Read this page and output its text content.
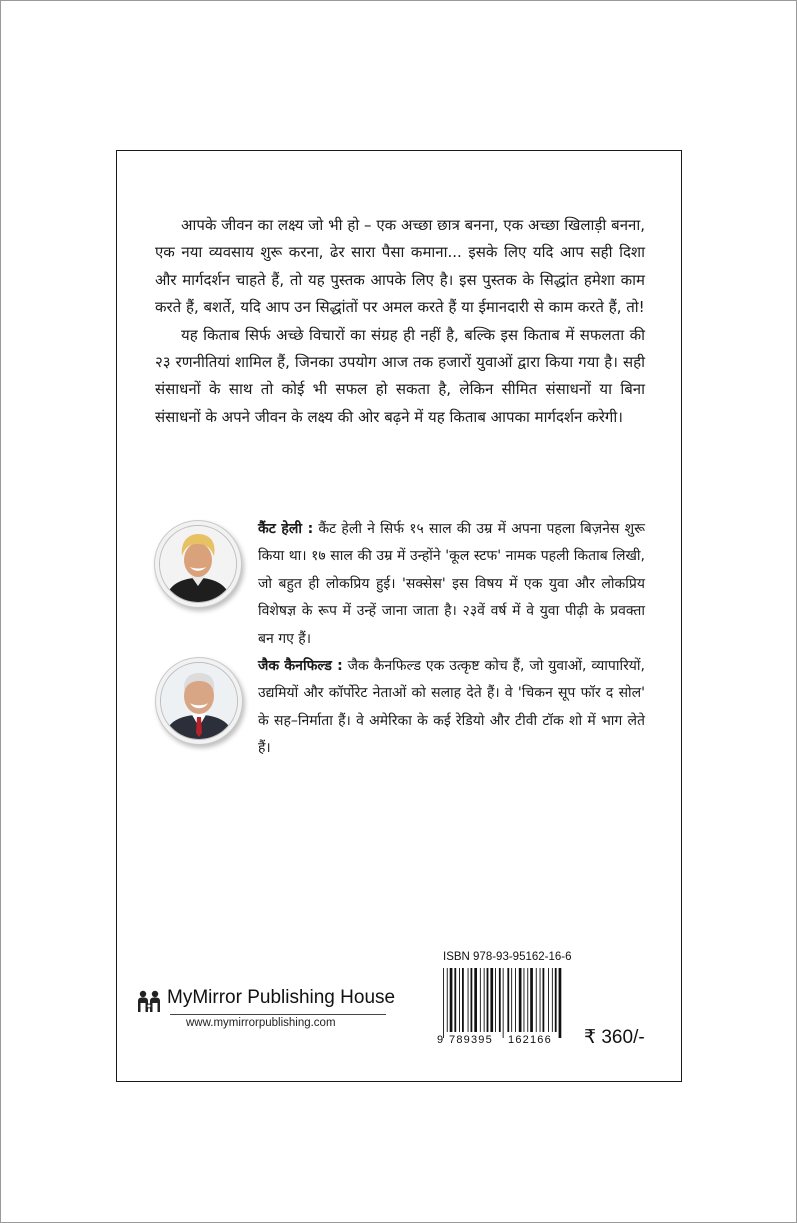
आपके जीवन का लक्ष्य जो भी हो – एक अच्छा छात्र बनना, एक अच्छा खिलाड़ी बनना, एक नया व्यवसाय शुरू करना, ढेर सारा पैसा कमाना... इसके लिए यदि आप सही दिशा और मार्गदर्शन चाहते हैं, तो यह पुस्तक आपके लिए है। इस पुस्तक के सिद्धांत हमेशा काम करते हैं, बशर्ते, यदि आप उन सिद्धांतों पर अमल करते हैं या ईमानदारी से काम करते हैं, तो!

यह किताब सिर्फ अच्छे विचारों का संग्रह ही नहीं है, बल्कि इस किताब में सफलता की २३ रणनीतियां शामिल हैं, जिनका उपयोग आज तक हजारों युवाओं द्वारा किया गया है। सही संसाधनों के साथ तो कोई भी सफल हो सकता है, लेकिन सीमित संसाधनों या बिना संसाधनों के अपने जीवन के लक्ष्य की ओर बढ़ने में यह किताब आपका मार्गदर्शन करेगी।

कैंट हेली : कैंट हेली ने सिर्फ १५ साल की उम्र में अपना पहला बिज़नेस शुरू किया था। १७ साल की उम्र में उन्होंने 'कूल स्टफ' नामक पहली किताब लिखी, जो बहुत ही लोकप्रिय हुई। 'सक्सेस' इस विषय में एक युवा और लोकप्रिय विशेषज्ञ के रूप में उन्हें जाना जाता है। २३वें वर्ष में वे युवा पीढ़ी के प्रवक्ता बन गए हैं।
जैक कैनफिल्ड : जैक कैनफिल्ड एक उत्कृष्ट कोच हैं, जो युवाओं, व्यापारियों, उद्यमियों और कॉर्पोरेट नेताओं को सलाह देते हैं। वे 'चिकन सूप फॉर द सोल' के सह–निर्माता हैं। वे अमेरिका के कई रेडियो और टीवी टॉक शो में भाग लेते हैं।
MyMirror Publishing House
www.mymirrorpublishing.com
ISBN 978-93-95162-16-6
9 789395 162166 ₹ 360/-
